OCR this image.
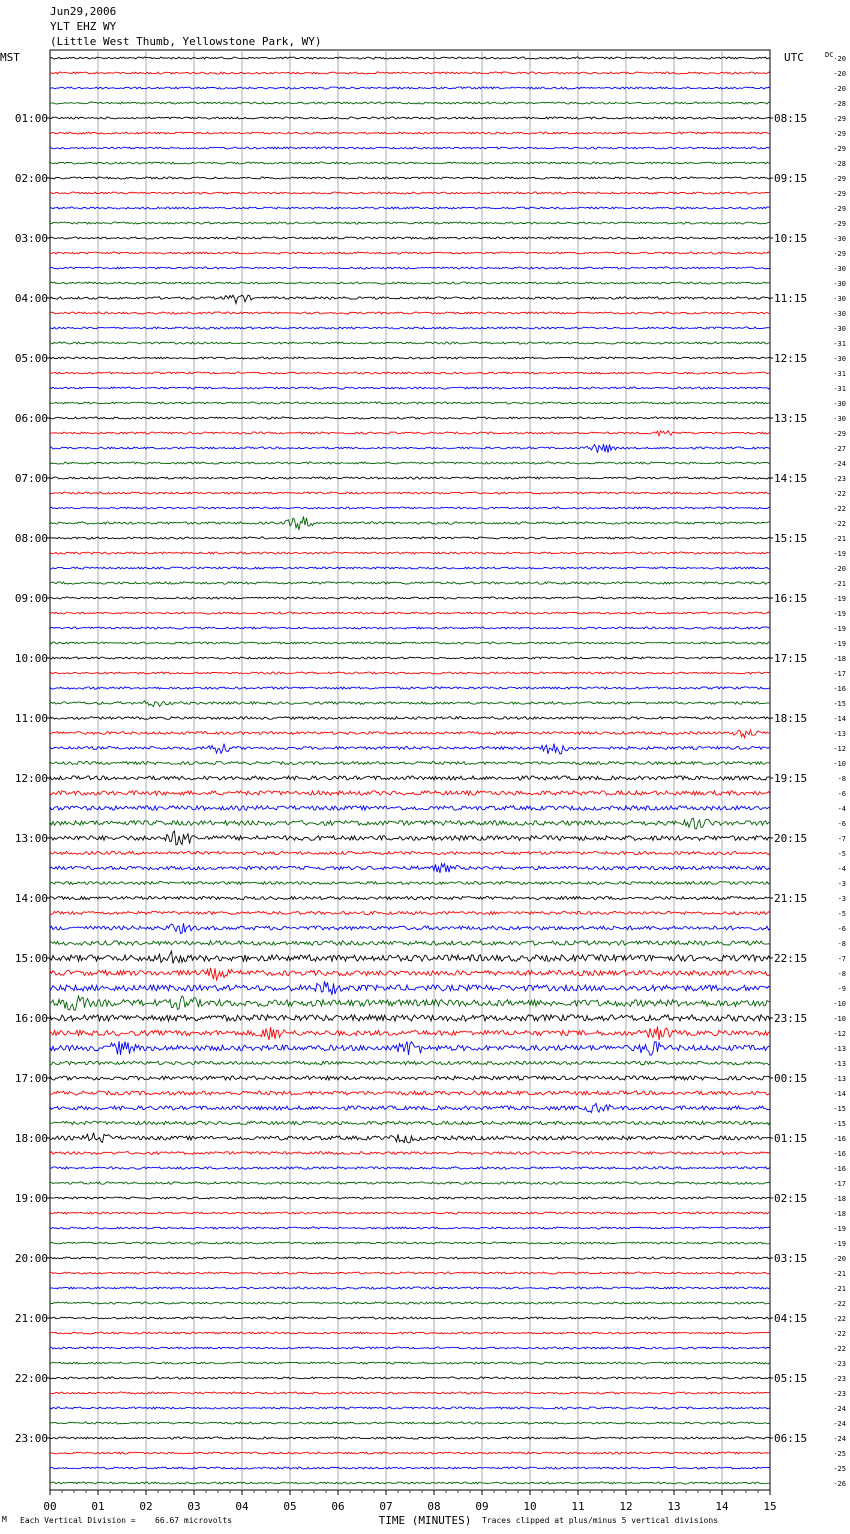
Jun29,2006
YLT EHZ WY
(Little West Thumb, Yellowstone Park, WY)
-20
-20
-20
-28
-29
-29
-29
-28
-29
-29
-29
-29
-30
-29
-30
-30
-30
-30
-30
-31
-30
-31
-31
-30
-30
-29
-27
-24
-23
-22
-22
-22
-21
-19
-20
-21
-19
-19
-19
-19
-18
-17
-16
-15
-14
-13
-12
-10
-8
-6
-4
-6
-7
-5
-4
-3
-3
-5
-6
-8
-7
-8
-9
-10
-10
-12
-13
-13
-13
-14
-15
-15
-16
-16
-16
-17
-18
-18
-19
-19
-20
-21
-21
-22
-22
-22
-22
-23
-23
-23
-24
-24
-24
-25
-25
-26
MST	UTC	DC
01:00
02:00
03:00
04:00
05:00
06:00
07:00
08:00
09:00
10:00
11:00
12:00
13:00
14:00
15:00
16:00
17:00
18:00
19:00
20:00
21:00
22:00
23:00
08:15
09:15
10:15
11:15
12:15
13:15
14:15
15:15
16:15
17:15
18:15
19:15
20:15
21:15
22:15
23:15
00:15
01:15
02:15
03:15
04:15
05:15
06:15
00	01	02	03	04	05	06	07	08	09	10	11	12	13	14	15
TIME (MINUTES)
M Each Vertical Division = 66.67 microvolts	Traces clipped at plus/minus 5 vertical divisions
